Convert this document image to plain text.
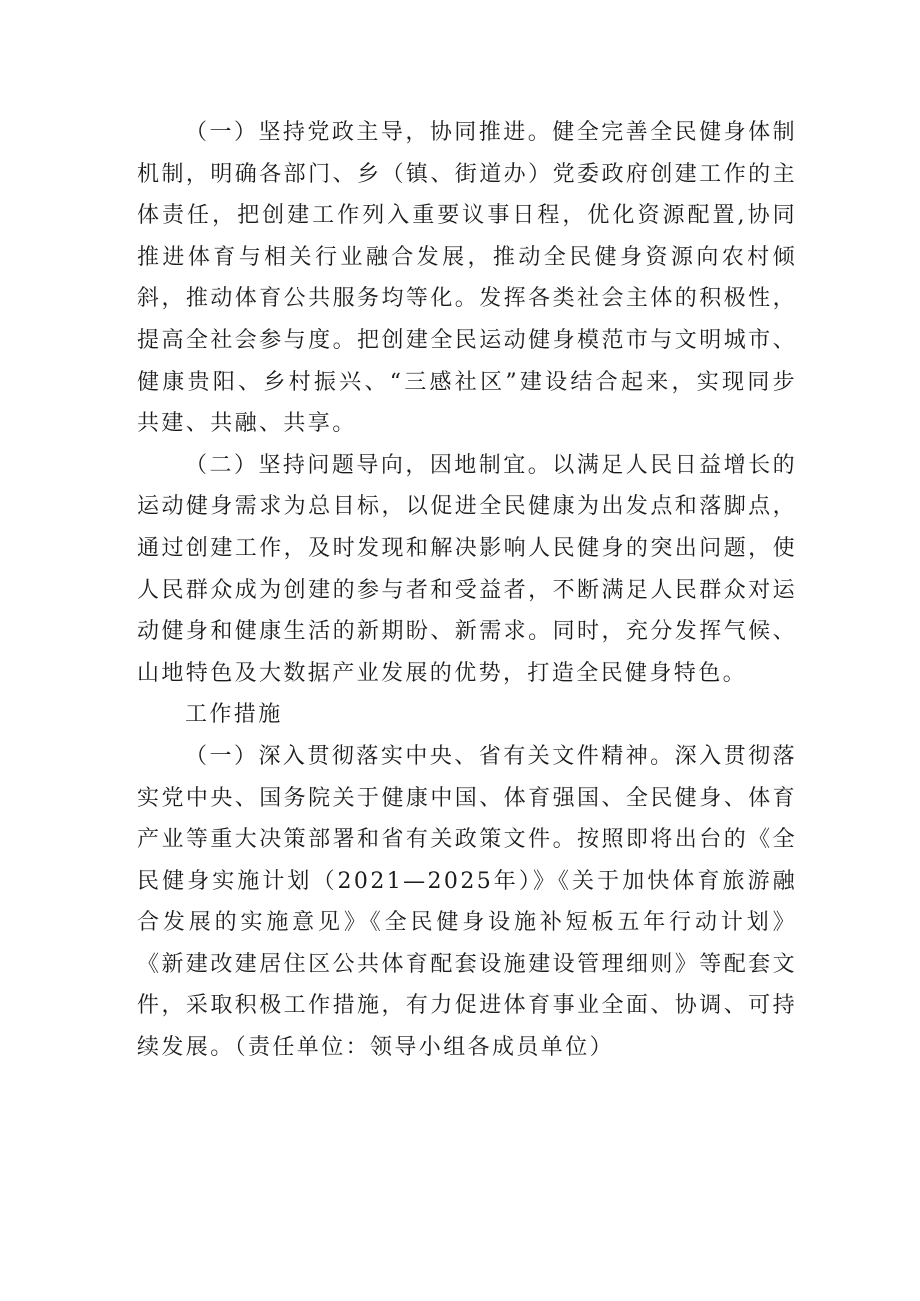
（一）坚持党政主导，协同推进。健全完善全民健身体制机制，明确各部门、乡（镇、街道办）党委政府创建工作的主体责任，把创建工作列入重要议事日程，优化资源配置,协同推进体育与相关行业融合发展，推动全民健身资源向农村倾斜，推动体育公共服务均等化。发挥各类社会主体的积极性，提高全社会参与度。把创建全民运动健身模范市与文明城市、健康贵阳、乡村振兴、“三感社区”建设结合起来，实现同步共建、共融、共享。

（二）坚持问题导向，因地制宜。以满足人民日益增长的运动健身需求为总目标，以促进全民健康为出发点和落脚点，通过创建工作，及时发现和解决影响人民健身的突出问题，使人民群众成为创建的参与者和受益者，不断满足人民群众对运动健身和健康生活的新期盼、新需求。同时，充分发挥气候、山地特色及大数据产业发展的优势，打造全民健身特色。

工作措施

（一）深入贯彻落实中央、省有关文件精神。深入贯彻落实党中央、国务院关于健康中国、体育强国、全民健身、体育产业等重大决策部署和省有关政策文件。按照即将出台的《全民健身实施计划（2021—2025年）》《关于加快体育旅游融合发展的实施意见》《全民健身设施补短板五年行动计划》《新建改建居住区公共体育配套设施建设管理细则》等配套文件，采取积极工作措施，有力促进体育事业全面、协调、可持续发展。（责任单位：领导小组各成员单位）
